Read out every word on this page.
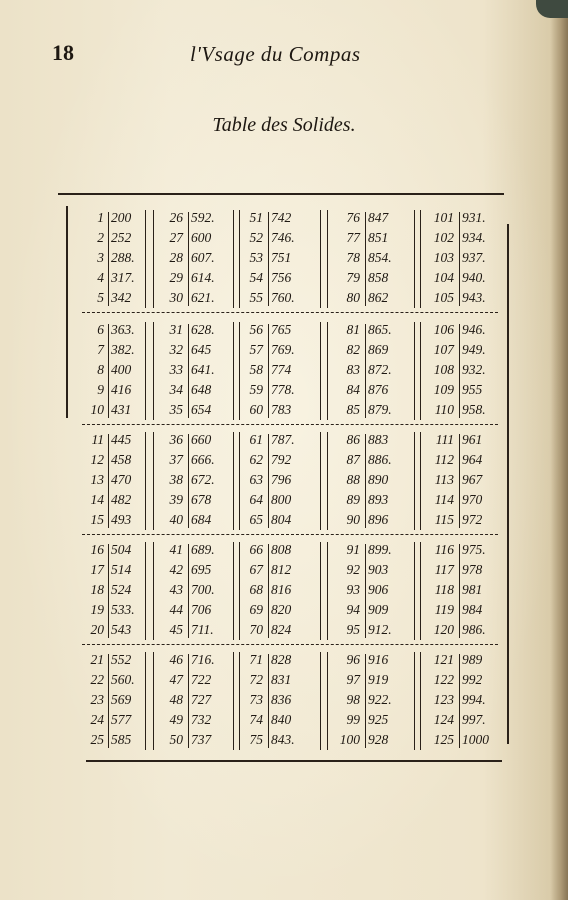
18	l'Vsage du Compas
Table des Solides.
1 200	26 592.	51 742	76 847	101 931.
2 252	27 600	52 746.	77 851	102 934.
3 288.	28 607.	53 751	78 854.	103 937.
4 317.	29 614.	54 756	79 858	104 940.
5 342	30 621.	55 760.	80 862	105 943.
6 363.	31 628.	56 765	81 865.	106 946.
7 382.	32 645	57 769.	82 869	107 949.
8 400	33 641.	58 774	83 872.	108 932.
9 416	34 648	59 778.	84 876	109 955
10 431	35 654	60 783	85 879.	110 958.
11 445	36 660	61 787.	86 883	111 961
12 458	37 666.	62 792	87 886.	112 964
13 470	38 672.	63 796	88 890	113 967
14 482	39 678	64 800	89 893	114 970
15 493	40 684	65 804	90 896	115 972
16 504	41 689.	66 808	91 899.	116 975.
17 514	42 695	67 812	92 903	117 978
18 524	43 700.	68 816	93 906	118 981
19 533.	44 706	69 820	94 909	119 984
20 543	45 711.	70 824	95 912.	120 986.
21 552	46 716.	71 828	96 916	121 989
22 560.	47 722	72 831	97 919	122 992
23 569	48 727	73 836	98 922.	123 994.
24 577	49 732	74 840	99 925	124 997.
25 585	50 737	75 843.	100 928	125 1000
